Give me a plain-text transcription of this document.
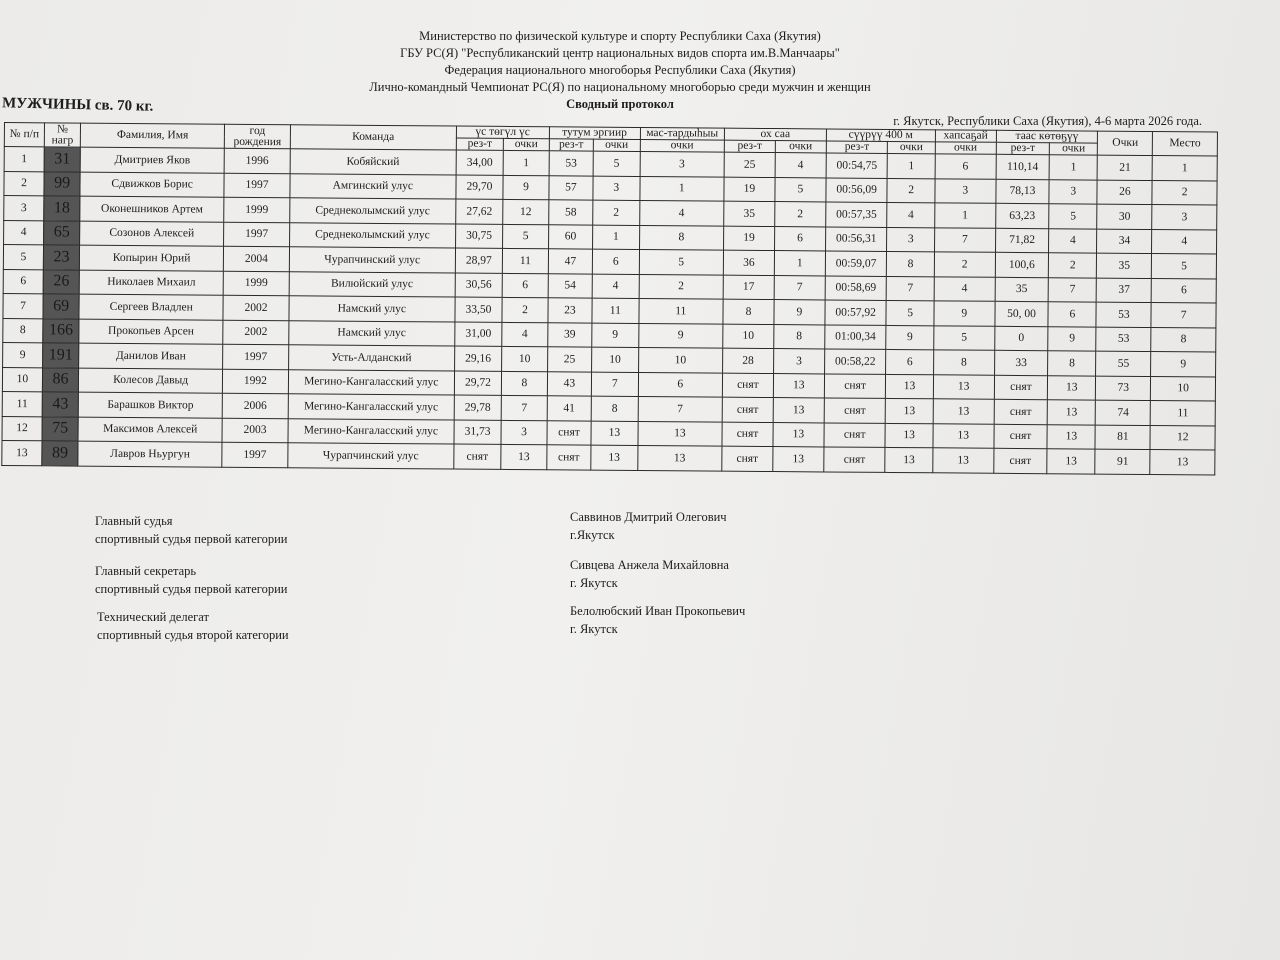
Министерство по физической культуре и спорту Республики Саха (Якутия)
ГБУ РС(Я) "Республиканский центр национальных видов спорта им.В.Манчаары"
Федерация национального многоборья Республики Саха (Якутия)
Лично-командный Чемпионат РС(Я) по национальному многоборью среди мужчин и женщин
Сводный протокол
МУЖЧИНЫ св. 70 кг.
г. Якутск, Республики Саха (Якутия), 4-6 марта 2026 года.
№ п/п	№ нагр	Фамилия, Имя	год рождения	Команда	үс төгүл үс		тутум эргиир		мас-тардыһыы	ох саа		сүүрүү 400 м		хапсаҕай	таас көтөҕүү		Очки	Место
					рез-т	очки	рез-т	очки	очки	рез-т	очки	рез-т	очки	очки	рез-т	очки		
1	31	Дмитриев Яков	1996	Кобяйский	34,00	1	53	5	3	25	4	00:54,75	1	6	110,14	1	21	1
2	99	Сдвижков Борис	1997	Амгинский улус	29,70	9	57	3	1	19	5	00:56,09	2	3	78,13	3	26	2
3	18	Оконешников Артем	1999	Среднеколымский улус	27,62	12	58	2	4	35	2	00:57,35	4	1	63,23	5	30	3
4	65	Созонов Алексей	1997	Среднеколымский улус	30,75	5	60	1	8	19	6	00:56,31	3	7	71,82	4	34	4
5	23	Копырин Юрий	2004	Чурапчинский улус	28,97	11	47	6	5	36	1	00:59,07	8	2	100,6	2	35	5
6	26	Николаев Михаил	1999	Вилюйский улус	30,56	6	54	4	2	17	7	00:58,69	7	4	35	7	37	6
7	69	Сергеев Владлен	2002	Намский улус	33,50	2	23	11	11	8	9	00:57,92	5	9	50, 00	6	53	7
8	166	Прокопьев Арсен	2002	Намский улус	31,00	4	39	9	9	10	8	01:00,34	9	5	0	9	53	8
9	191	Данилов Иван	1997	Усть-Алданский	29,16	10	25	10	10	28	3	00:58,22	6	8	33	8	55	9
10	86	Колесов Давыд	1992	Мегино-Кангаласский улус	29,72	8	43	7	6	снят	13	снят	13	13	снят	13	73	10
11	43	Барашков Виктор	2006	Мегино-Кангаласский улус	29,78	7	41	8	7	снят	13	снят	13	13	снят	13	74	11
12	75	Максимов Алексей	2003	Мегино-Кангаласский улус	31,73	3	снят	13	13	снят	13	снят	13	13	снят	13	81	12
13	89	Лавров Ньургун	1997	Чурапчинский улус	снят	13	снят	13	13	снят	13	снят	13	13	снят	13	91	13
Главный судья
спортивный судья первой категории
Саввинов Дмитрий Олегович
г.Якутск
Главный секретарь
спортивный судья первой категории
Сивцева Анжела Михайловна
г. Якутск
Технический делегат
спортивный судья второй категории
Белолюбский Иван Прокопьевич
г. Якутск
